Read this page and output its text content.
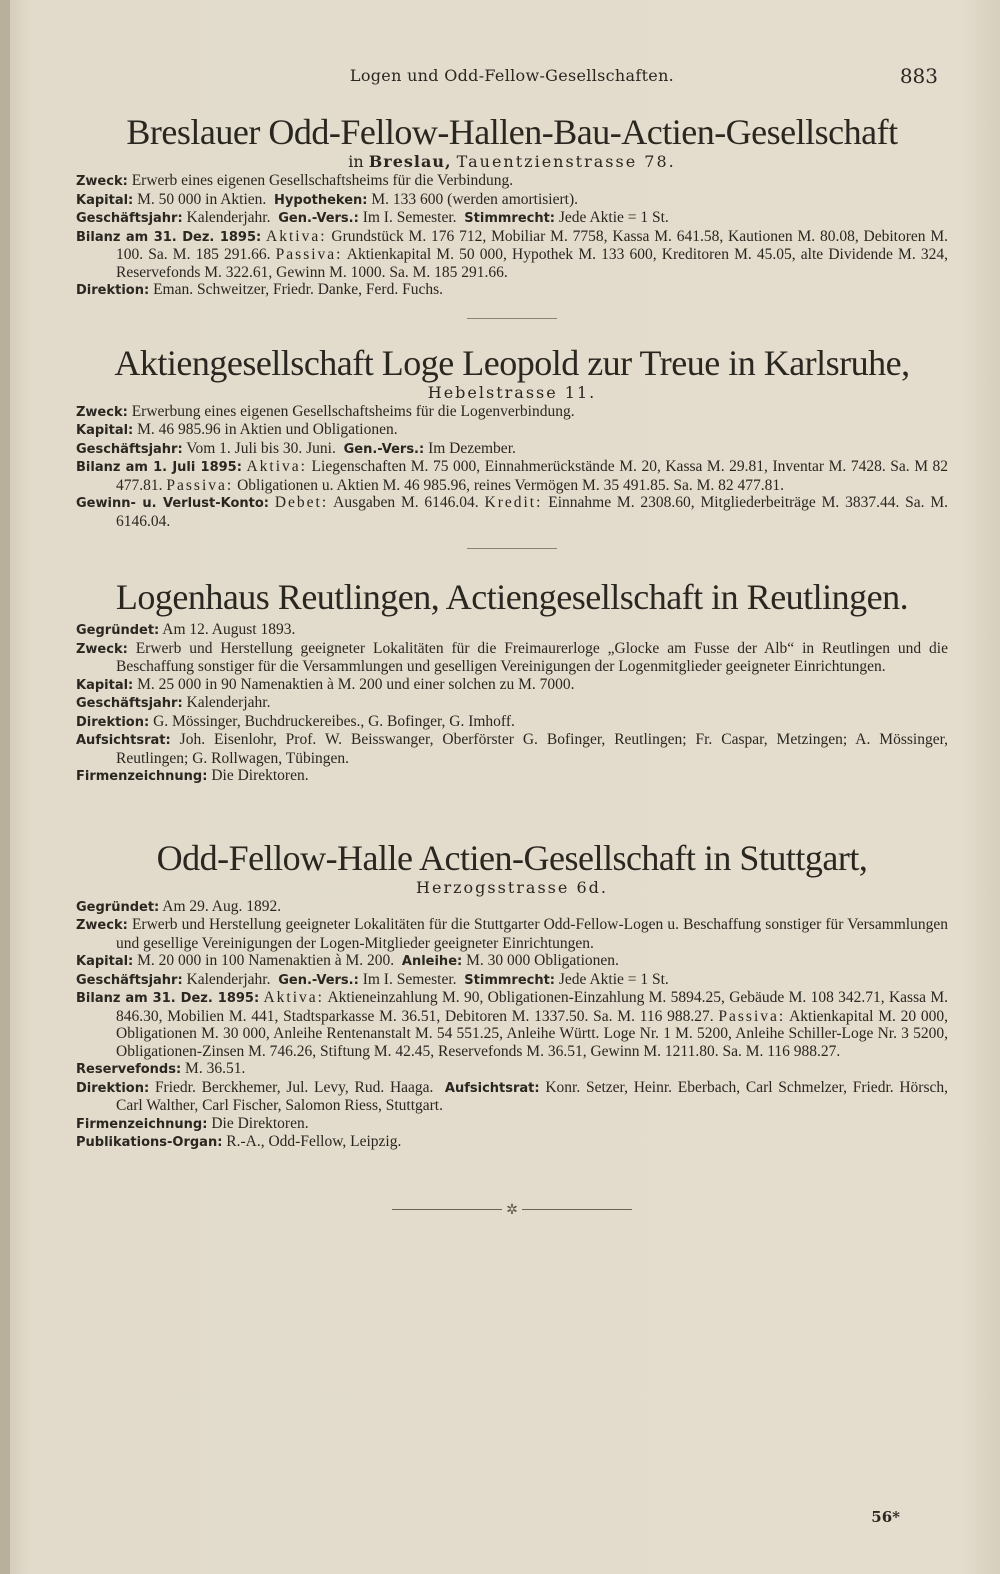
Logen und Odd-Fellow-Gesellschaften.	883
Breslauer Odd-Fellow-Hallen-Bau-Actien-Gesellschaft
in Breslau, Tauentzienstrasse 78.
Zweck: Erwerb eines eigenen Gesellschaftsheims für die Verbindung.
Kapital: M. 50 000 in Aktien. Hypotheken: M. 133 600 (werden amortisiert).
Geschäftsjahr: Kalenderjahr. Gen.-Vers.: Im I. Semester. Stimmrecht: Jede Aktie = 1 St.
Bilanz am 31. Dez. 1895: Aktiva: Grundstück M. 176 712, Mobiliar M. 7758, Kassa M. 641.58, Kautionen M. 80.08, Debitoren M. 100. Sa. M. 185 291.66. Passiva: Aktienkapital M. 50 000, Hypothek M. 133 600, Kreditoren M. 45.05, alte Dividende M. 324, Reservefonds M. 322.61, Gewinn M. 1000. Sa. M. 185 291.66.
Direktion: Eman. Schweitzer, Friedr. Danke, Ferd. Fuchs.
Aktiengesellschaft Loge Leopold zur Treue in Karlsruhe,
Hebelstrasse 11.
Zweck: Erwerbung eines eigenen Gesellschaftsheims für die Logenverbindung.
Kapital: M. 46 985.96 in Aktien und Obligationen.
Geschäftsjahr: Vom 1. Juli bis 30. Juni. Gen.-Vers.: Im Dezember.
Bilanz am 1. Juli 1895: Aktiva: Liegenschaften M. 75 000, Einnahmerückstände M. 20, Kassa M. 29.81, Inventar M. 7428. Sa. M 82 477.81. Passiva: Obligationen u. Aktien M. 46 985.96, reines Vermögen M. 35 491.85. Sa. M. 82 477.81.
Gewinn- u. Verlust-Konto: Debet: Ausgaben M. 6146.04. Kredit: Einnahme M. 2308.60, Mitgliederbeiträge M. 3837.44. Sa. M. 6146.04.
Logenhaus Reutlingen, Actiengesellschaft in Reutlingen.
Gegründet: Am 12. August 1893.
Zweck: Erwerb und Herstellung geeigneter Lokalitäten für die Freimaurerloge „Glocke am Fusse der Alb“ in Reutlingen und die Beschaffung sonstiger für die Versammlungen und geselligen Vereinigungen der Logenmitglieder geeigneter Einrichtungen.
Kapital: M. 25 000 in 90 Namenaktien à M. 200 und einer solchen zu M. 7000.
Geschäftsjahr: Kalenderjahr.
Direktion: G. Mössinger, Buchdruckereibes., G. Bofinger, G. Imhoff.
Aufsichtsrat: Joh. Eisenlohr, Prof. W. Beisswanger, Oberförster G. Bofinger, Reutlingen; Fr. Caspar, Metzingen; A. Mössinger, Reutlingen; G. Rollwagen, Tübingen.
Firmenzeichnung: Die Direktoren.
Odd-Fellow-Halle Actien-Gesellschaft in Stuttgart,
Herzogsstrasse 6d.
Gegründet: Am 29. Aug. 1892.
Zweck: Erwerb und Herstellung geeigneter Lokalitäten für die Stuttgarter Odd-Fellow-Logen u. Beschaffung sonstiger für Versammlungen und gesellige Vereinigungen der Logen-Mitglieder geeigneter Einrichtungen.
Kapital: M. 20 000 in 100 Namenaktien à M. 200. Anleihe: M. 30 000 Obligationen.
Geschäftsjahr: Kalenderjahr. Gen.-Vers.: Im I. Semester. Stimmrecht: Jede Aktie = 1 St.
Bilanz am 31. Dez. 1895: Aktiva: Aktieneinzahlung M. 90, Obligationen-Einzahlung M. 5894.25, Gebäude M. 108 342.71, Kassa M. 846.30, Mobilien M. 441, Stadtsparkasse M. 36.51, Debitoren M. 1337.50. Sa. M. 116 988.27. Passiva: Aktienkapital M. 20 000, Obligationen M. 30 000, Anleihe Rentenanstalt M. 54 551.25, Anleihe Württ. Loge Nr. 1 M. 5200, Anleihe Schiller-Loge Nr. 3 5200, Obligationen-Zinsen M. 746.26, Stiftung M. 42.45, Reservefonds M. 36.51, Gewinn M. 1211.80. Sa. M. 116 988.27.
Reservefonds: M. 36.51.
Direktion: Friedr. Berckhemer, Jul. Levy, Rud. Haaga. Aufsichtsrat: Konr. Setzer, Heinr. Eberbach, Carl Schmelzer, Friedr. Hörsch, Carl Walther, Carl Fischer, Salomon Riess, Stuttgart.
Firmenzeichnung: Die Direktoren.
Publikations-Organ: R.-A., Odd-Fellow, Leipzig.
✲
56*
